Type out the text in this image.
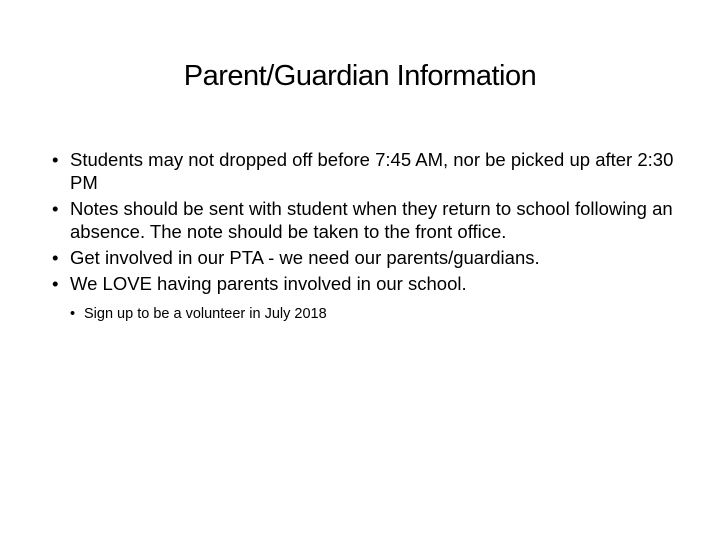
Parent/Guardian Information
• Students may not dropped off before 7:45 AM, nor be picked up after 2:30 PM
• Notes should be sent with student when they return to school following an absence. The note should be taken to the front office.
• Get involved in our PTA - we need our parents/guardians.
• We LOVE having parents involved in our school.
• Sign up to be a volunteer in July 2018
